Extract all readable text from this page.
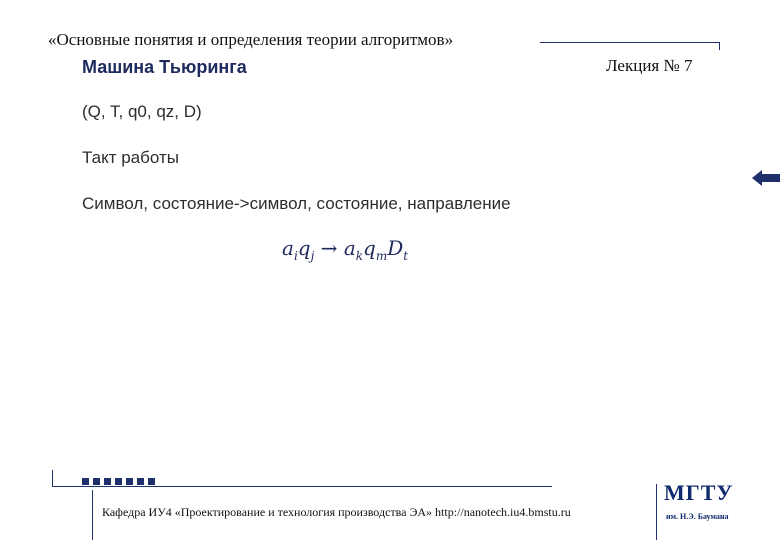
«Основные понятия и определения теории алгоритмов»
Лекция № 7
Машина Тьюринга
(Q, T, q0, qz, D)
Такт работы
Символ, состояние->символ, состояние, направление
$a_iq_j \to a_kq_mD_t$
Кафедра ИУ4 «Проектирование и технология производства ЭА» http://nanotech.iu4.bmstu.ru
МГТУ
им. Н.Э. Баумана
